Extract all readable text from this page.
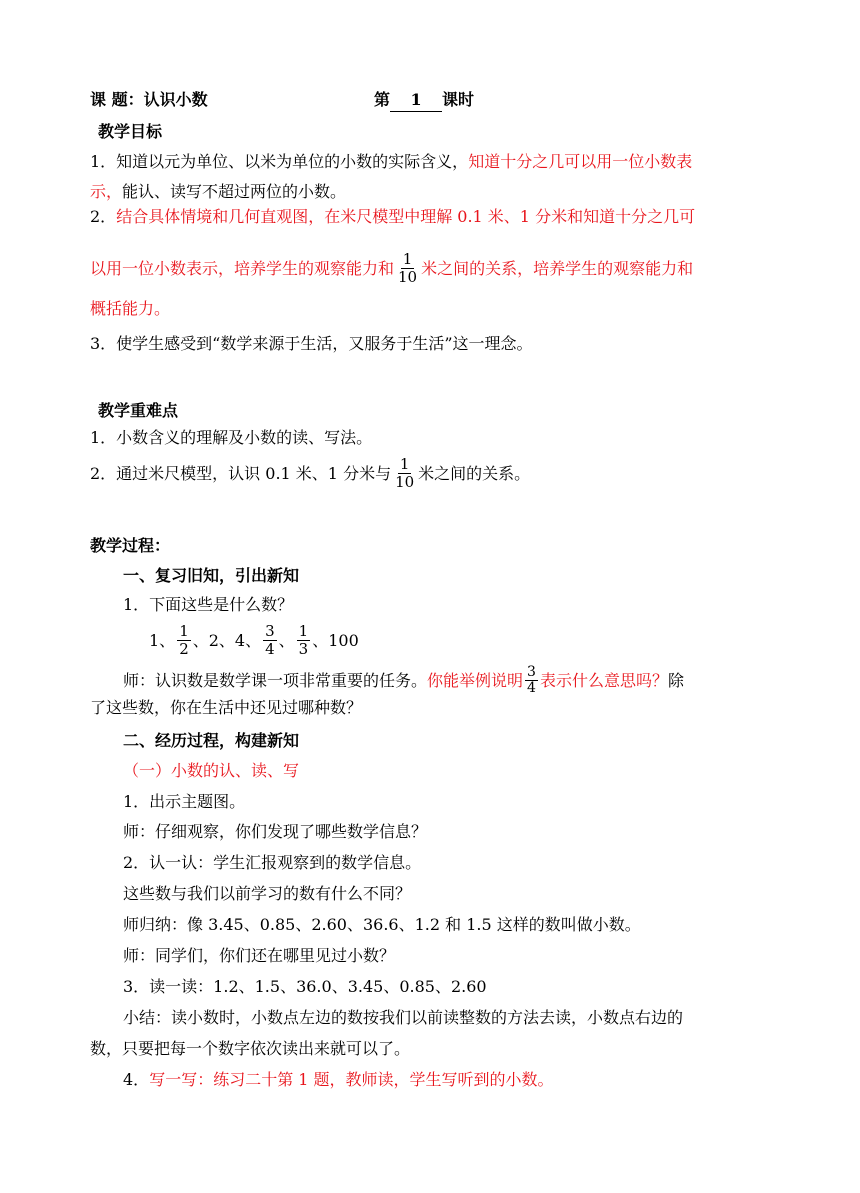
课 题：认识小数	第 1 课时
教学目标
1．知道以元为单位、以米为单位的小数的实际含义，知道十分之几可以用一位小数表
示，能认、读写不超过两位的小数。
2．结合具体情境和几何直观图，在米尺模型中理解 0.1 米、1 分米和知道十分之几可
以用一位小数表示，培养学生的观察能力和 $\frac{1}{10}$ 米之间的关系，培养学生的观察能力和
概括能力。
3．使学生感受到“数学来源于生活，又服务于生活”这一理念。
教学重难点
1．小数含义的理解及小数的读、写法。
2．通过米尺模型，认识 0.1 米、1 分米与 $\frac{1}{10}$ 米之间的关系。
教学过程：
一、复习旧知，引出新知
1．下面这些是什么数？
1、 $\frac{1}{2}$ 、2、4、 $\frac{3}{4}$ 、 $\frac{1}{3}$ 、100
师：认识数是数学课一项非常重要的任务。你能举例说明 $\frac{3}{4}$ 表示什么意思吗？除
了这些数，你在生活中还见过哪种数？
二、经历过程，构建新知
（一）小数的认、读、写
1．出示主题图。
师：仔细观察，你们发现了哪些数学信息？
2．认一认：学生汇报观察到的数学信息。
这些数与我们以前学习的数有什么不同？
师归纳：像 3.45、0.85、2.60、36.6、1.2 和 1.5 这样的数叫做小数。
师：同学们，你们还在哪里见过小数？
3．读一读：1.2、1.5、36.0、3.45、0.85、2.60
小结：读小数时，小数点左边的数按我们以前读整数的方法去读，小数点右边的
数，只要把每一个数字依次读出来就可以了。
4．写一写：练习二十第 1 题，教师读，学生写听到的小数。
